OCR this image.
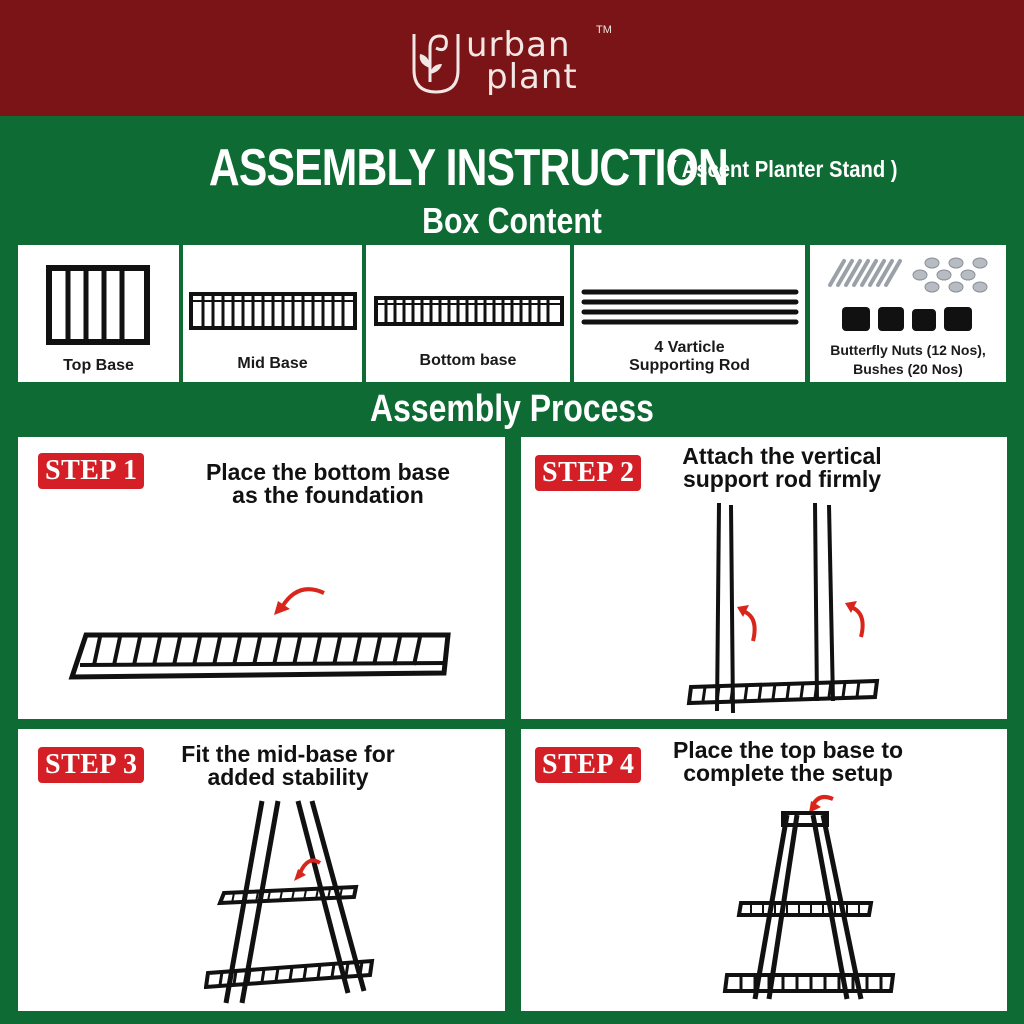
urban
plant
TM
ASSEMBLY INSTRUCTION ( Ascent Planter Stand )
Box Content
Top Base	Mid Base	Bottom base
4 Varticle
Supporting Rod
Butterfly Nuts (12 Nos),
Bushes (20 Nos)
Assembly Process
STEP 1	Place the bottom base
as the foundation
STEP 2
Attach the vertical
support rod firmly
STEP 3	Fit the mid-base for
added stability	STEP 4	Place the top base to
complete the setup
